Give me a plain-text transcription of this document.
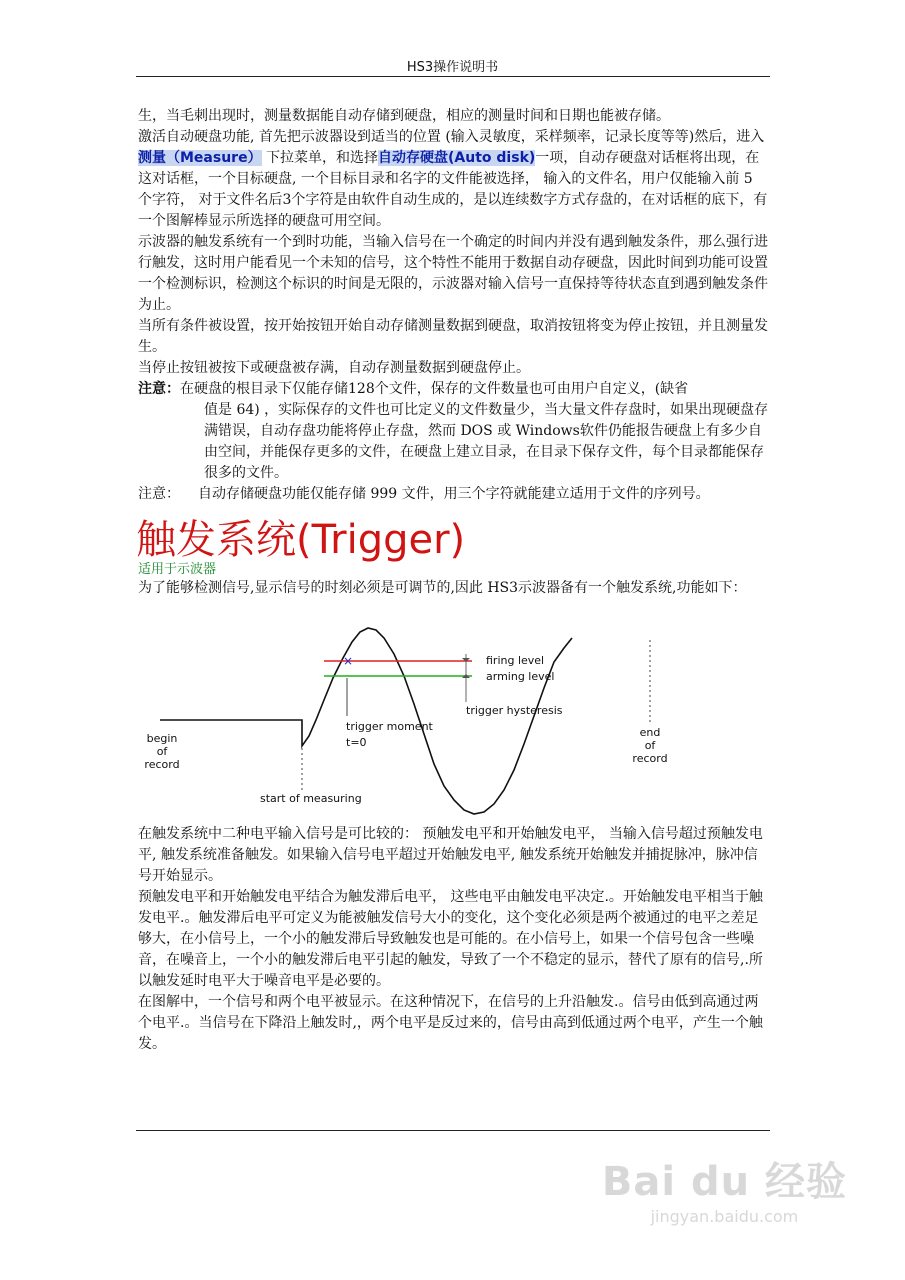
HS3操作说明书

生，当毛刺出现时，测量数据能自动存储到硬盘，相应的测量时间和日期也能被存储。

激活自动硬盘功能, 首先把示波器设到适当的位置 (输入灵敏度，采样频率，记录长度等等)然后，进入测量（Measure） 下拉菜单，和选择自动存硬盘(Auto disk)一项，自动存硬盘对话框将出现，在这对话框，一个目标硬盘, 一个目标目录和名字的文件能被选择， 输入的文件名，用户仅能输入前 5 个字符， 对于文件名后3个字符是由软件自动生成的，是以连续数字方式存盘的，在对话框的底下，有一个图解棒显示所选择的硬盘可用空间。

示波器的触发系统有一个到时功能，当输入信号在一个确定的时间内并没有遇到触发条件，那么强行进行触发，这时用户能看见一个未知的信号，这个特性不能用于数据自动存硬盘，因此时间到功能可设置一个检测标识，检测这个标识的时间是无限的，示波器对输入信号一直保持等待状态直到遇到触发条件为止。

当所有条件被设置，按开始按钮开始自动存储测量数据到硬盘，取消按钮将变为停止按钮，并且测量发生。

当停止按钮被按下或硬盘被存满，自动存测量数据到硬盘停止。

注意： 在硬盘的根目录下仅能存储128个文件，保存的文件数量也可由用户自定义，(缺省
值是 64) ，实际保存的文件也可比定义的文件数量少，当大量文件存盘时，如果出现硬盘存满错误，自动存盘功能将停止存盘，然而 DOS 或 Windows软件仍能报告硬盘上有多少自由空间，并能保存更多的文件，在硬盘上建立目录，在目录下保存文件，每个目录都能保存很多的文件。
注意： 自动存储硬盘功能仅能存储 999 文件，用三个字符就能建立适用于文件的序列号。
触发系统(Trigger)
适用于示波器
为了能够检测信号,显示信号的时刻必须是可调节的,因此 HS3示波器备有一个触发系统,功能如下：
×	firing level
arming level
trigger hysteresis
trigger moment
t=0
begin
of
record
end
of
record
start of measuring

在触发系统中二种电平输入信号是可比较的： 预触发电平和开始触发电平， 当输入信号超过预触发电平, 触发系统准备触发。如果输入信号电平超过开始触发电平, 触发系统开始触发并捕捉脉冲，脉冲信号开始显示。

预触发电平和开始触发电平结合为触发滞后电平， 这些电平由触发电平决定.。开始触发电平相当于触发电平.。触发滞后电平可定义为能被触发信号大小的变化，这个变化必须是两个被通过的电平之差足够大，在小信号上，一个小的触发滞后导致触发也是可能的。在小信号上，如果一个信号包含一些噪音，在噪音上，一个小的触发滞后电平引起的触发，导致了一个不稳定的显示，替代了原有的信号,.所以触发延时电平大于噪音电平是必要的。

在图解中，一个信号和两个电平被显示。在这种情况下，在信号的上升沿触发.。信号由低到高通过两个电平.。当信号在下降沿上触发时,，两个电平是反过来的，信号由高到低通过两个电平，产生一个触发。

Bai du 经验
jingyan.baidu.com
